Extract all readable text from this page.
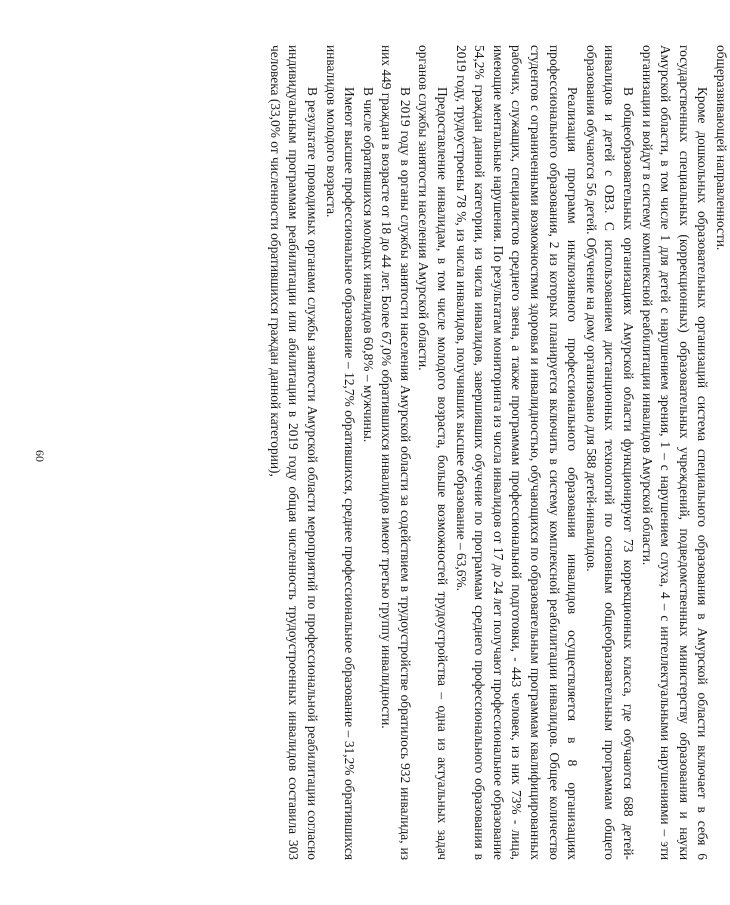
60

общеразвивающей направленности.

Кроме дошкольных образовательных организаций система специального образования в Амурской области включает в себя 6 государственных специальных (коррекционных) образовательных учреждений, подведомственных министерству образования и науки Амурской области, в том числе 1 для детей с нарушением зрения, 1 – с нарушением слуха, 4 – с интеллектуальными нарушениями – эти организации и войдут в систему комплексной реабилитации инвалидов Амурской области.

В общеобразовательных организациях Амурской области функционируют 73 коррекционных класса, где обучаются 688 детей-инвалидов и детей с ОВЗ. С использованием дистанционных технологий по основным общеобразовательным программам общего образования обучаются 56 детей. Обучение на дому организовано для 588 детей-инвалидов.

Реализация программ инклюзивного профессионального образования инвалидов осуществляется в 8 организациях профессионального образования, 2 из которых планируется включить в систему комплексной реабилитации инвалидов. Общее количество студентов с ограниченными возможностями здоровья и инвалидностью, обучающихся по образовательным программам квалифицированных рабочих, служащих, специалистов среднего звена, а также программам профессиональной подготовки, - 443 человек, из них 73% - лица, имеющие ментальные нарушения. По результатам мониторинга из числа инвалидов от 17 до 24 лет получают профессиональное образование 54,2% граждан данной категории, из числа инвалидов, завершивших обучение по программам среднего профессионального образования в 2019 году, трудоустроены 78 %, из числа инвалидов, получивших высшее образование – 63,6%.

Предоставление инвалидам, в том числе молодого возраста, больше возможностей трудоустройства – одна из актуальных задач органов службы занятости населения Амурской области.

В 2019 году в органы службы занятости населения Амурской области за содействием в трудоустройстве обратилось 932 инвалида, из них 449 граждан в возрасте от 18 до 44 лет. Более 67,0% обратившихся инвалидов имеют третью группу инвалидности.

В числе обратившихся молодых инвалидов 60,8% – мужчины.

Имеют высшее профессиональное образование – 12,7% обратившихся, среднее профессиональное образование – 31,2% обратившихся инвалидов молодого возраста.

В результате проводимых органами службы занятости Амурской области мероприятий по профессиональной реабилитации согласно индивидуальным программам реабилитации или абилитации в 2019 году общая численность трудоустроенных инвалидов составила 303 человека (33,0% от численности обратившихся граждан данной категории),
